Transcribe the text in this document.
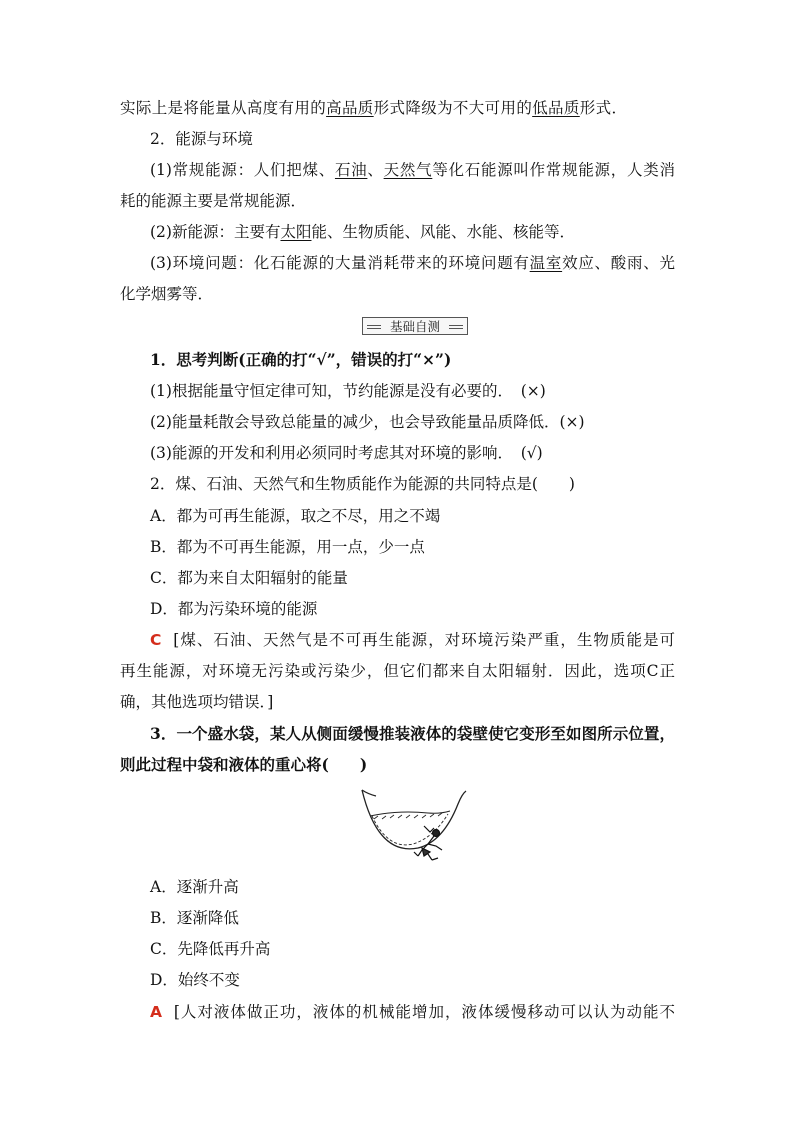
实际上是将能量从高度有用的高品质形式降级为不大可用的低品质形式．
2．能源与环境
(1)常规能源：人们把煤、石油、天然气等化石能源叫作常规能源，人类消
耗的能源主要是常规能源．
(2)新能源：主要有太阳能、生物质能、风能、水能、核能等．
(3)环境问题：化石能源的大量消耗带来的环境问题有温室效应、酸雨、光
化学烟雾等．
基础自测
1．思考判断(正确的打“√”，错误的打“×”)
(1)根据能量守恒定律可知，节约能源是没有必要的．　(×)
(2)能量耗散会导致总能量的减少，也会导致能量品质降低．(×)
(3)能源的开发和利用必须同时考虑其对环境的影响．　(√)
2．煤、石油、天然气和生物质能作为能源的共同特点是(　　)
A．都为可再生能源，取之不尽，用之不竭
B．都为不可再生能源，用一点，少一点
C．都为来自太阳辐射的能量
D．都为污染环境的能源
C [煤、石油、天然气是不可再生能源，对环境污染严重，生物质能是可
再生能源，对环境无污染或污染少，但它们都来自太阳辐射．因此，选项C正
确，其他选项均错误．]
3．一个盛水袋，某人从侧面缓慢推装液体的袋壁使它变形至如图所示位置，
则此过程中袋和液体的重心将(　　)
A．逐渐升高
B．逐渐降低
C．先降低再升高
D．始终不变
A [人对液体做正功，液体的机械能增加，液体缓慢移动可以认为动能不
